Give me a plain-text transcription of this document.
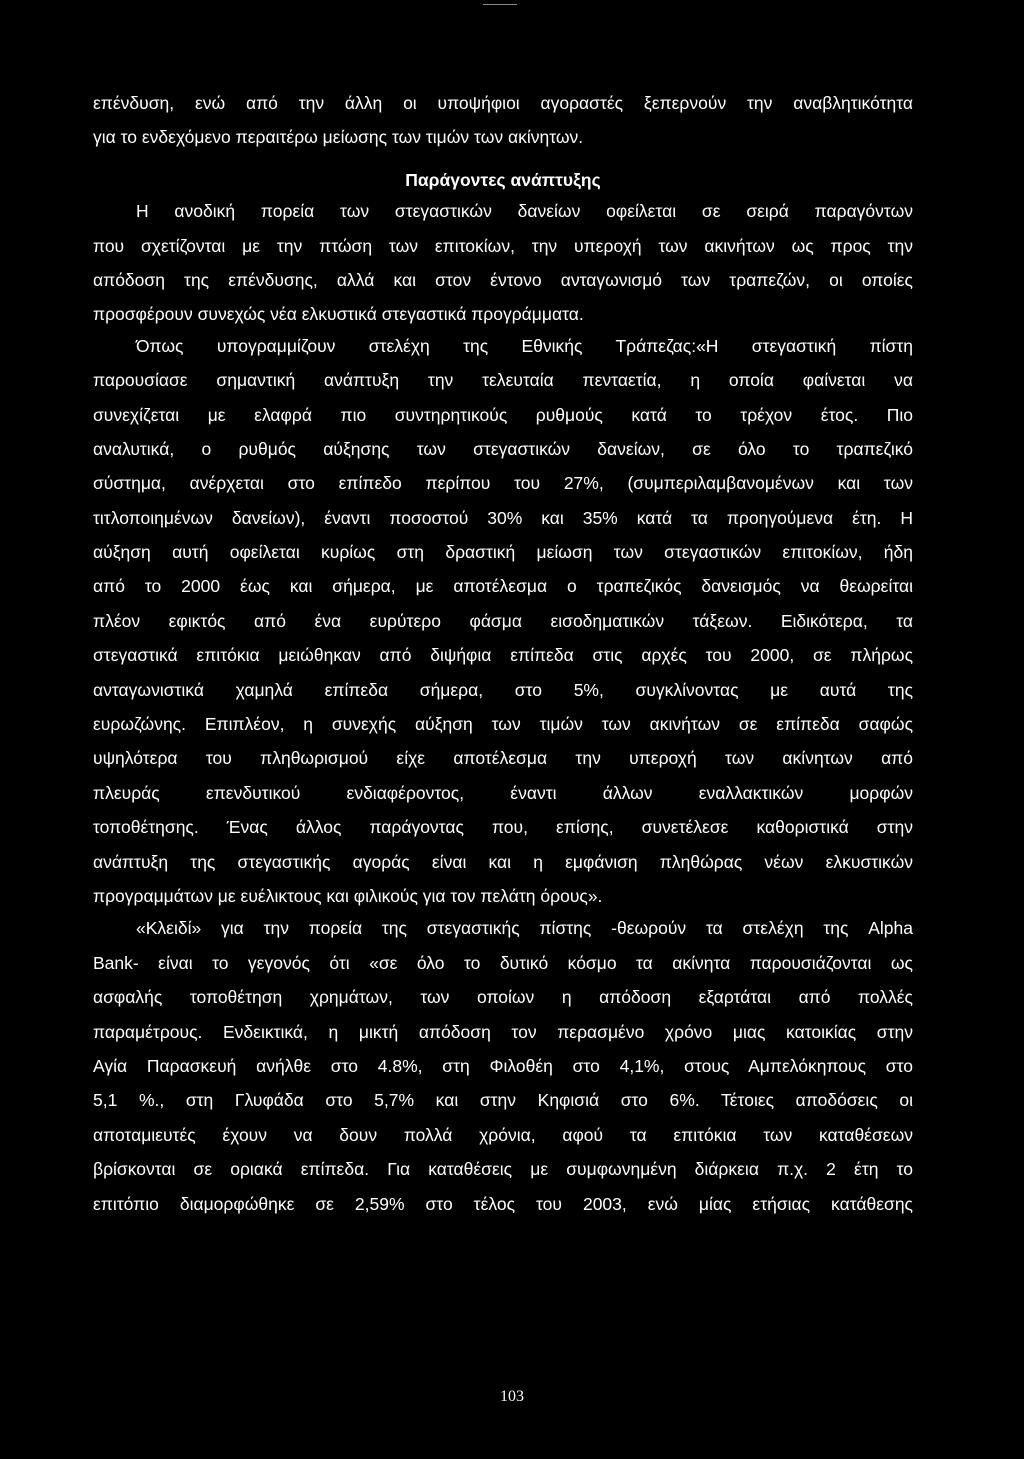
επένδυση, ενώ από την άλλη οι υποψήφιοι αγοραστές ξεπερνούν την αναβλητικότητα
για το ενδεχόμενο περαιτέρω μείωσης των τιμών των ακίνητων.
Παράγοντες ανάπτυξης
Η ανοδική πορεία των στεγαστικών δανείων οφείλεται σε σειρά παραγόντων
που σχετίζονται με την πτώση των επιτοκίων, την υπεροχή των ακινήτων ως προς την
απόδοση της επένδυσης, αλλά και στον έντονο ανταγωνισμό των τραπεζών, οι οποίες
προσφέρουν συνεχώς νέα ελκυστικά στεγαστικά προγράμματα.
Όπως υπογραμμίζουν στελέχη της Εθνικής Τράπεζας:«Η στεγαστική πίστη
παρουσίασε σημαντική ανάπτυξη την τελευταία πενταετία, η οποία φαίνεται να
συνεχίζεται με ελαφρά πιο συντηρητικούς ρυθμούς κατά το τρέχον έτος. Πιο
αναλυτικά, ο ρυθμός αύξησης των στεγαστικών δανείων, σε όλο το τραπεζικό
σύστημα, ανέρχεται στο επίπεδο περίπου του 27%, (συμπεριλαμβανομένων και των
τιτλοποιημένων δανείων), έναντι ποσοστού 30% και 35% κατά τα προηγούμενα έτη. Η
αύξηση αυτή οφείλεται κυρίως στη δραστική μείωση των στεγαστικών επιτοκίων, ήδη
από το 2000 έως και σήμερα, με αποτέλεσμα ο τραπεζικός δανεισμός να θεωρείται
πλέον εφικτός από ένα ευρύτερο φάσμα εισοδηματικών τάξεων. Ειδικότερα, τα
στεγαστικά επιτόκια μειώθηκαν από διψήφια επίπεδα στις αρχές του 2000, σε πλήρως
ανταγωνιστικά χαμηλά επίπεδα σήμερα, στο 5%, συγκλίνοντας με αυτά της
ευρωζώνης. Επιπλέον, η συνεχής αύξηση των τιμών των ακινήτων σε επίπεδα σαφώς
υψηλότερα του πληθωρισμού είχε αποτέλεσμα την υπεροχή των ακίνητων από
πλευράς επενδυτικού ενδιαφέροντος, έναντι άλλων εναλλακτικών μορφών
τοποθέτησης. Ένας άλλος παράγοντας που, επίσης, συνετέλεσε καθοριστικά στην
ανάπτυξη της στεγαστικής αγοράς είναι και η εμφάνιση πληθώρας νέων ελκυστικών
προγραμμάτων με ευέλικτους και φιλικούς για τον πελάτη όρους».
«Κλειδί» για την πορεία της στεγαστικής πίστης -θεωρούν τα στελέχη της Alpha
Bank- είναι το γεγονός ότι «σε όλο το δυτικό κόσμο τα ακίνητα παρουσιάζονται ως
ασφαλής τοποθέτηση χρημάτων, των οποίων η απόδοση εξαρτάται από πολλές
παραμέτρους. Ενδεικτικά, η μικτή απόδοση τον περασμένο χρόνο μιας κατοικίας στην
Αγία Παρασκευή ανήλθε στο 4.8%, στη Φιλοθέη στο 4,1%, στους Αμπελόκηπους στο
5,1 %., στη Γλυφάδα στο 5,7% και στην Κηφισιά στο 6%. Τέτοιες αποδόσεις οι
αποταμιευτές έχουν να δουν πολλά χρόνια, αφού τα επιτόκια των καταθέσεων
βρίσκονται σε οριακά επίπεδα. Για καταθέσεις με συμφωνημένη διάρκεια π.χ. 2 έτη το
επιτόπιο διαμορφώθηκε σε 2,59% στο τέλος του 2003, ενώ μίας ετήσιας κατάθεσης
103
